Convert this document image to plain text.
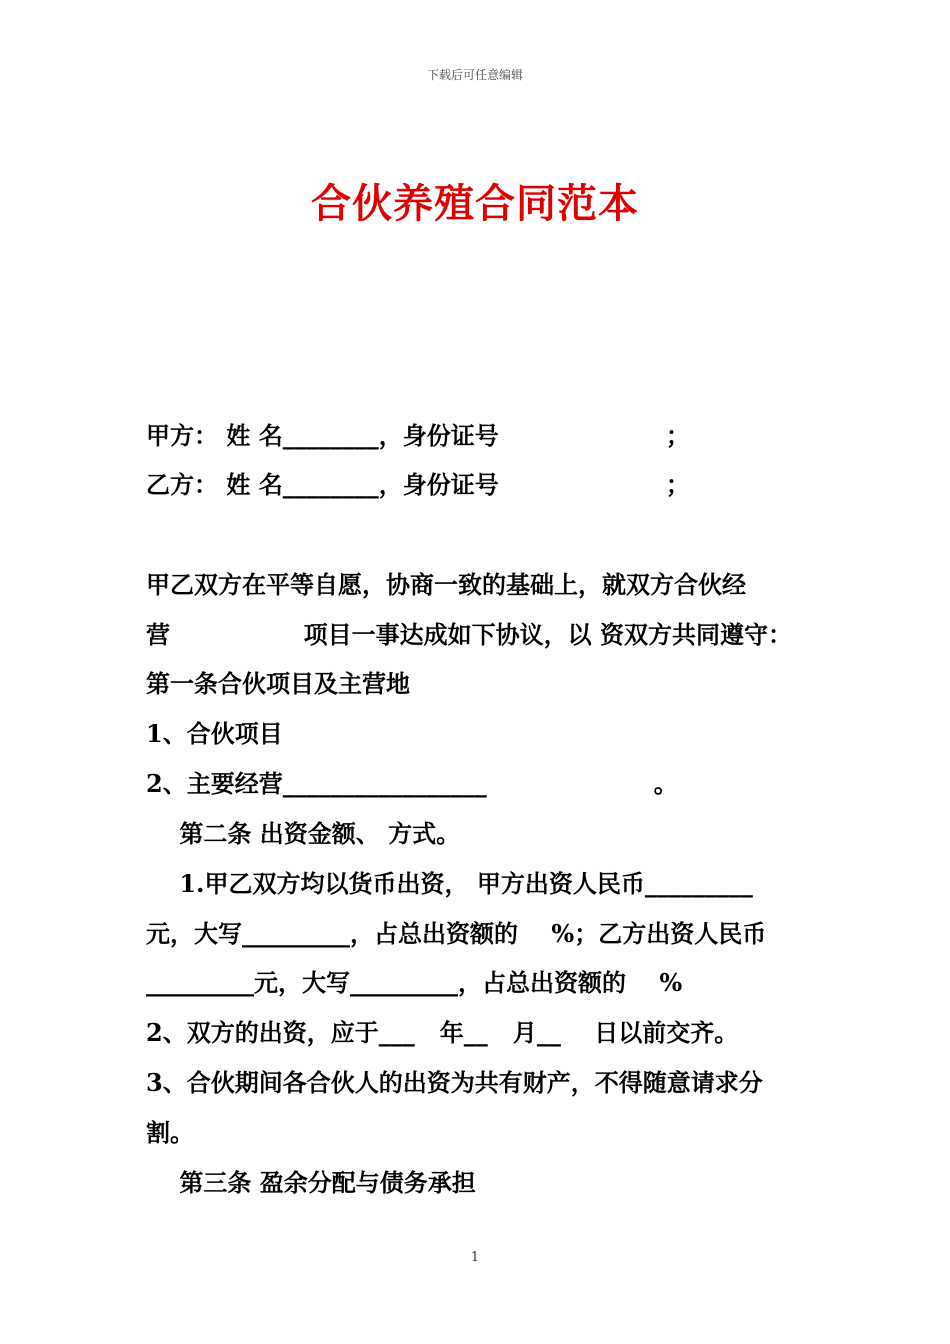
下载后可任意编辑
合伙养殖合同范本
甲方： 姓 名________，身份证号                    ；
乙方： 姓 名________，身份证号                    ；
甲乙双方在平等自愿，协商一致的基础上，就双方合伙经
营                项目一事达成如下协议，以 资双方共同遵守：
第一条合伙项目及主营地
1、合伙项目
2、主要经营_________________                    。
第二条 出资金额、 方式。
1.甲乙双方均以货币出资， 甲方出资人民币_________
元，大写_________，占总出资额的    %；乙方出资人民币
_________元，大写_________，占总出资额的    %
2、双方的出资，应于___   年__   月__    日以前交齐。
3、合伙期间各合伙人的出资为共有财产，不得随意请求分
割。
第三条 盈余分配与债务承担
1
